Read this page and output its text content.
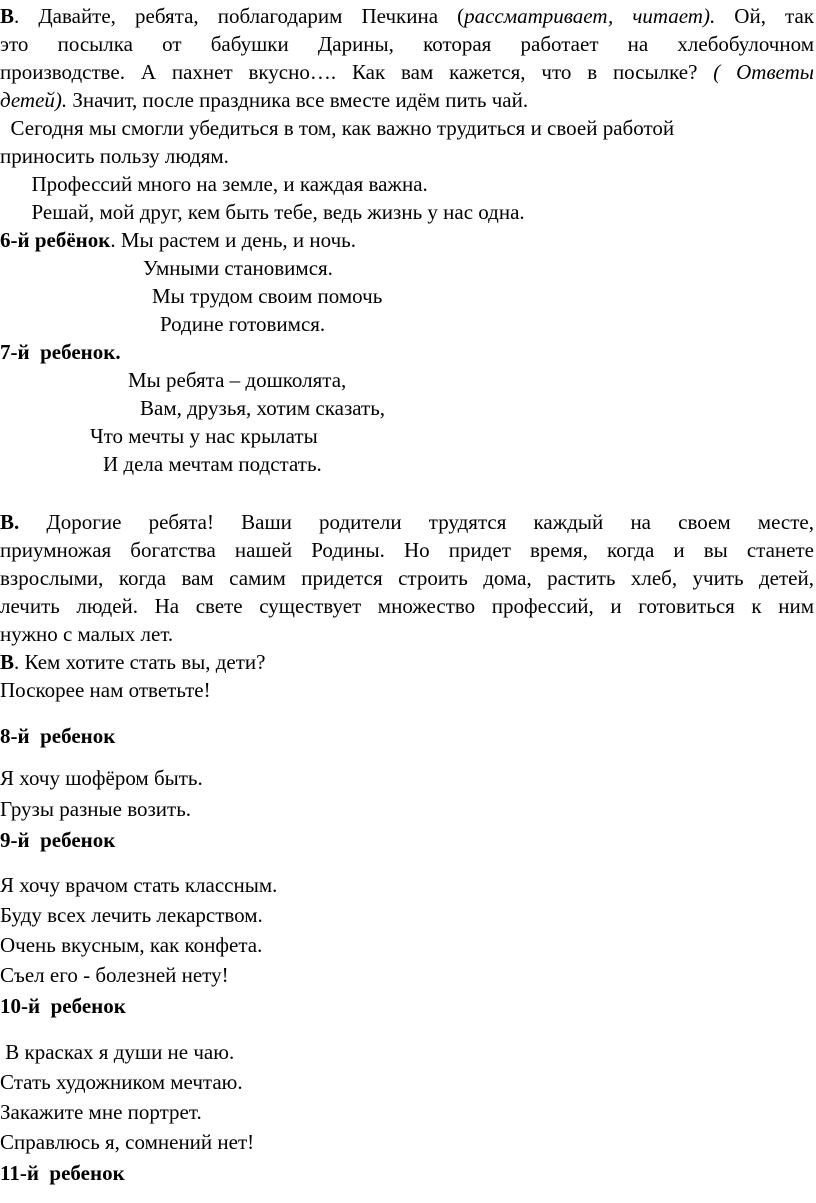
В. Давайте, ребята, поблагодарим Печкина (рассматривает, читает). Ой, так
это посылка от бабушки Дарины, которая работает на хлебобулочном
производстве. А пахнет вкусно…. Как вам кажется, что в посылке? ( Ответы
детей). Значит, после праздника все вместе идём пить чай.
Сегодня мы смогли убедиться в том, как важно трудиться и своей работой
приносить пользу людям.
Профессий много на земле, и каждая важна.
Решай, мой друг, кем быть тебе, ведь жизнь у нас одна.
6-й ребёнок. Мы растем и день, и ночь.
Умными становимся.
Мы трудом своим помочь
Родине готовимся.
7-й  ребенок.
Мы ребята – дошколята,
Вам, друзья, хотим сказать,
Что мечты у нас крылаты
И дела мечтам подстать.
В. Дорогие ребята! Ваши родители трудятся каждый на своем месте,
приумножая богатства нашей Родины. Но придет время, когда и вы станете
взрослыми, когда вам самим придется строить дома, растить хлеб, учить детей,
лечить людей. На свете существует множество профессий, и готовиться к ним
нужно с малых лет.
В. Кем хотите стать вы, дети?
Поскорее нам ответьте!
8-й  ребенок
Я хочу шофёром быть.
Грузы разные возить.
9-й  ребенок
Я хочу врачом стать классным.
Буду всех лечить лекарством.
Очень вкусным, как конфета.
Съел его - болезней нету!
10-й  ребенок
В красках я души не чаю.
Стать художником мечтаю.
Закажите мне портрет.
Справлюсь я, сомнений нет!
11-й  ребенок
